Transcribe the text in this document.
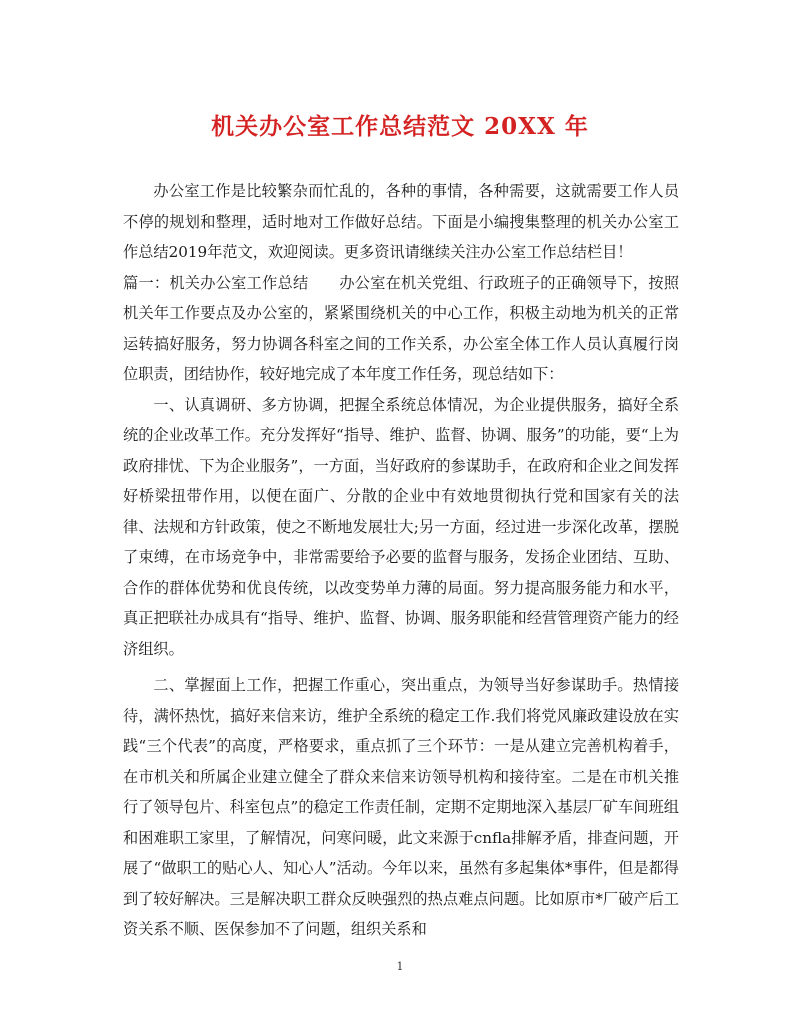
机关办公室工作总结范文 20XX 年

办公室工作是比较繁杂而忙乱的，各种的事情，各种需要，这就需要工作人员不停的规划和整理，适时地对工作做好总结。下面是小编搜集整理的机关办公室工作总结2019年范文，欢迎阅读。更多资讯请继续关注办公室工作总结栏目！

篇一：机关办公室工作总结　　办公室在机关党组、行政班子的正确领导下，按照机关年工作要点及办公室的，紧紧围绕机关的中心工作，积极主动地为机关的正常运转搞好服务，努力协调各科室之间的工作关系，办公室全体工作人员认真履行岗位职责，团结协作，较好地完成了本年度工作任务，现总结如下：

一、认真调研、多方协调，把握全系统总体情况，为企业提供服务，搞好全系统的企业改革工作。充分发挥好“指导、维护、监督、协调、服务”的功能，要“上为政府排忧、下为企业服务”，一方面，当好政府的参谋助手，在政府和企业之间发挥好桥梁扭带作用，以便在面广、分散的企业中有效地贯彻执行党和国家有关的法律、法规和方针政策，使之不断地发展壮大;另一方面，经过进一步深化改革，摆脱了束缚，在市场竞争中，非常需要给予必要的监督与服务，发扬企业团结、互助、合作的群体优势和优良传统，以改变势单力薄的局面。努力提高服务能力和水平，真正把联社办成具有“指导、维护、监督、协调、服务职能和经营管理资产能力的经济组织。

二、掌握面上工作，把握工作重心，突出重点，为领导当好参谋助手。热情接待，满怀热忱，搞好来信来访，维护全系统的稳定工作.我们将党风廉政建设放在实践“三个代表”的高度，严格要求，重点抓了三个环节：一是从建立完善机构着手，在市机关和所属企业建立健全了群众来信来访领导机构和接待室。二是在市机关推行了领导包片、科室包点”的稳定工作责任制，定期不定期地深入基层厂矿车间班组和困难职工家里，了解情况，问寒问暖，此文来源于cnfla排解矛盾，排查问题，开展了“做职工的贴心人、知心人”活动。今年以来，虽然有多起集体*事件，但是都得到了较好解决。三是解决职工群众反映强烈的热点难点问题。比如原市*厂破产后工资关系不顺、医保参加不了问题，组织关系和

1
